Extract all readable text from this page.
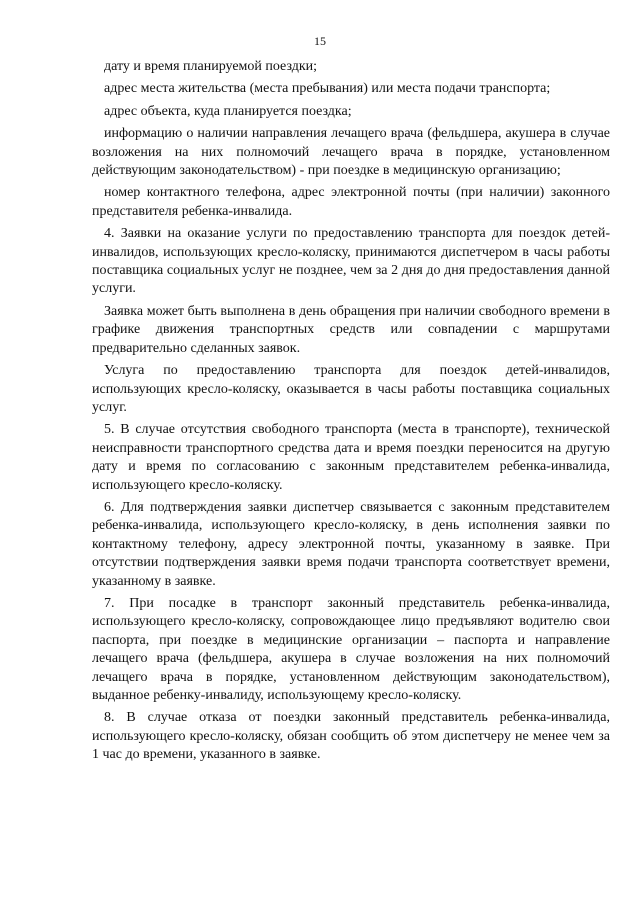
15

дату и время планируемой поездки;

адрес места жительства (места пребывания) или места подачи транспорта;

адрес объекта, куда планируется поездка;

информацию о наличии направления лечащего врача (фельдшера, акушера в случае возложения на них полномочий лечащего врача в порядке, установленном действующим законодательством) - при поездке в медицинскую организацию;

номер контактного телефона, адрес электронной почты (при наличии) законного представителя ребенка-инвалида.

4. Заявки на оказание услуги по предоставлению транспорта для поездок детей-инвалидов, использующих кресло-коляску, принимаются диспетчером в часы работы поставщика социальных услуг не позднее, чем за 2 дня до дня предоставления данной услуги.

Заявка может быть выполнена в день обращения при наличии свободного времени в графике движения транспортных средств или совпадении с маршрутами предварительно сделанных заявок.

Услуга по предоставлению транспорта для поездок детей-инвалидов, использующих кресло-коляску, оказывается в часы работы поставщика социальных услуг.

5. В случае отсутствия свободного транспорта (места в транспорте), технической неисправности транспортного средства дата и время поездки переносится на другую дату и время по согласованию с законным представителем ребенка-инвалида, использующего кресло-коляску.

6. Для подтверждения заявки диспетчер связывается с законным представителем ребенка-инвалида, использующего кресло-коляску, в день исполнения заявки по контактному телефону, адресу электронной почты, указанному в заявке. При отсутствии подтверждения заявки время подачи транспорта соответствует времени, указанному в заявке.

7. При посадке в транспорт законный представитель ребенка-инвалида, использующего кресло-коляску, сопровождающее лицо предъявляют водителю свои паспорта, при поездке в медицинские организации – паспорта и направление лечащего врача (фельдшера, акушера в случае возложения на них полномочий лечащего врача в порядке, установленном действующим законодательством), выданное ребенку-инвалиду, использующему кресло-коляску.

8. В случае отказа от поездки законный представитель ребенка-инвалида, использующего кресло-коляску, обязан сообщить об этом диспетчеру не менее чем за 1 час до времени, указанного в заявке.
